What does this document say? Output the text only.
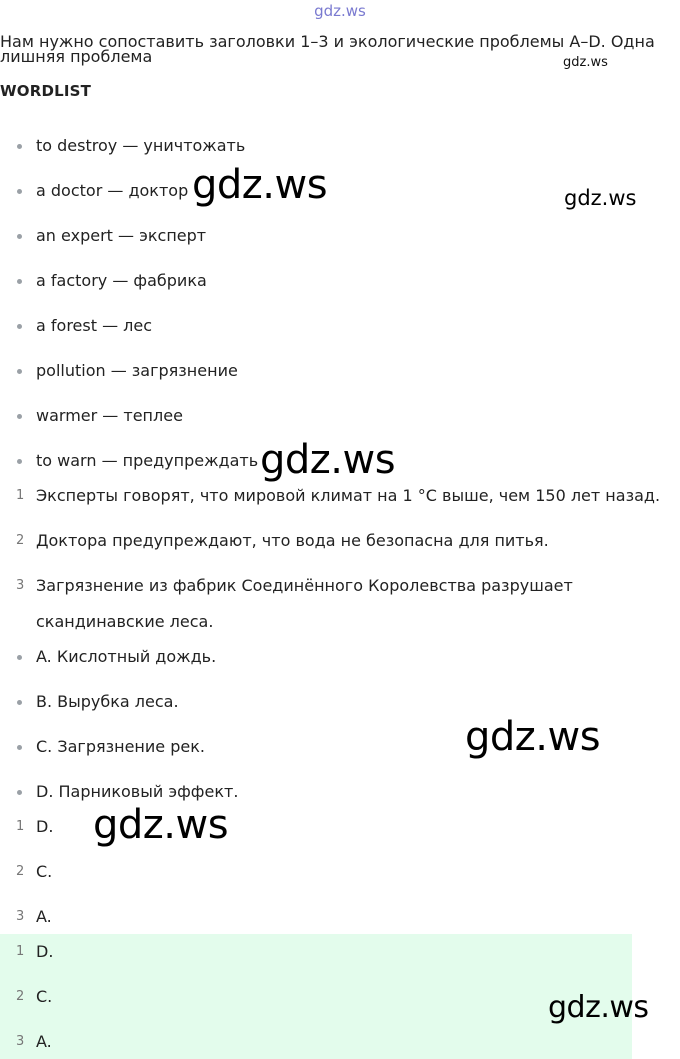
gdz.ws
Нам нужно сопоставить заголовки 1–3 и экологические проблемы A–D. Одна
лишняя проблема	gdz.ws
WORDLIST
to destroy — уничтожать
a doctor — доктор
an expert — эксперт
a factory — фабрика
a forest — лес
pollution — загрязнение
warmer — теплее
to warn — предупреждать
1 Эксперты говорят, что мировой климат на 1 °C выше, чем 150 лет назад.
2 Доктора предупреждают, что вода не безопасна для питья.
3 Загрязнение из фабрик Соединённого Королевства разрушает
скандинавские леса.
A. Кислотный дождь.
B. Вырубка леса.
C. Загрязнение рек.
D. Парниковый эффект.
1 D.
2 C.
3 A.
1 D.
2 C.
3 A.
gdz.ws	gdz.ws
gdz.ws
gdz.ws
gdz.ws
gdz.ws
